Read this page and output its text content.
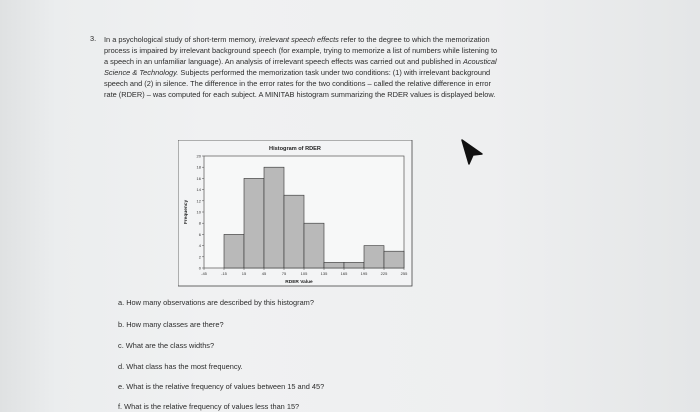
3. In a psychological study of short-term memory, irrelevant speech effects refer to the degree to which the memorization process is impaired by irrelevant background speech (for example, trying to memorize a list of numbers while listening to a speech in an unfamiliar language). An analysis of irrelevant speech effects was carried out and published in Acoustical Science & Technology. Subjects performed the memorization task under two conditions: (1) with irrelevant background speech and (2) in silence. The difference in the error rates for the two conditions – called the relative difference in error rate (RDER) – was computed for each subject. A MINITAB histogram summarizing the RDER values is displayed below.
Histogram of RDER
RDER Value
Frequency
0
2
4
6
8
10
12
14
16
18
20
-45	-15	15	45	75	105	135	165	195	225	255
a. How many observations are described by this histogram?
b. How many classes are there?
c. What are the class widths?
d. What class has the most frequency.
e. What is the relative frequency of values between 15 and 45?
f. What is the relative frequency of values less than 15?
